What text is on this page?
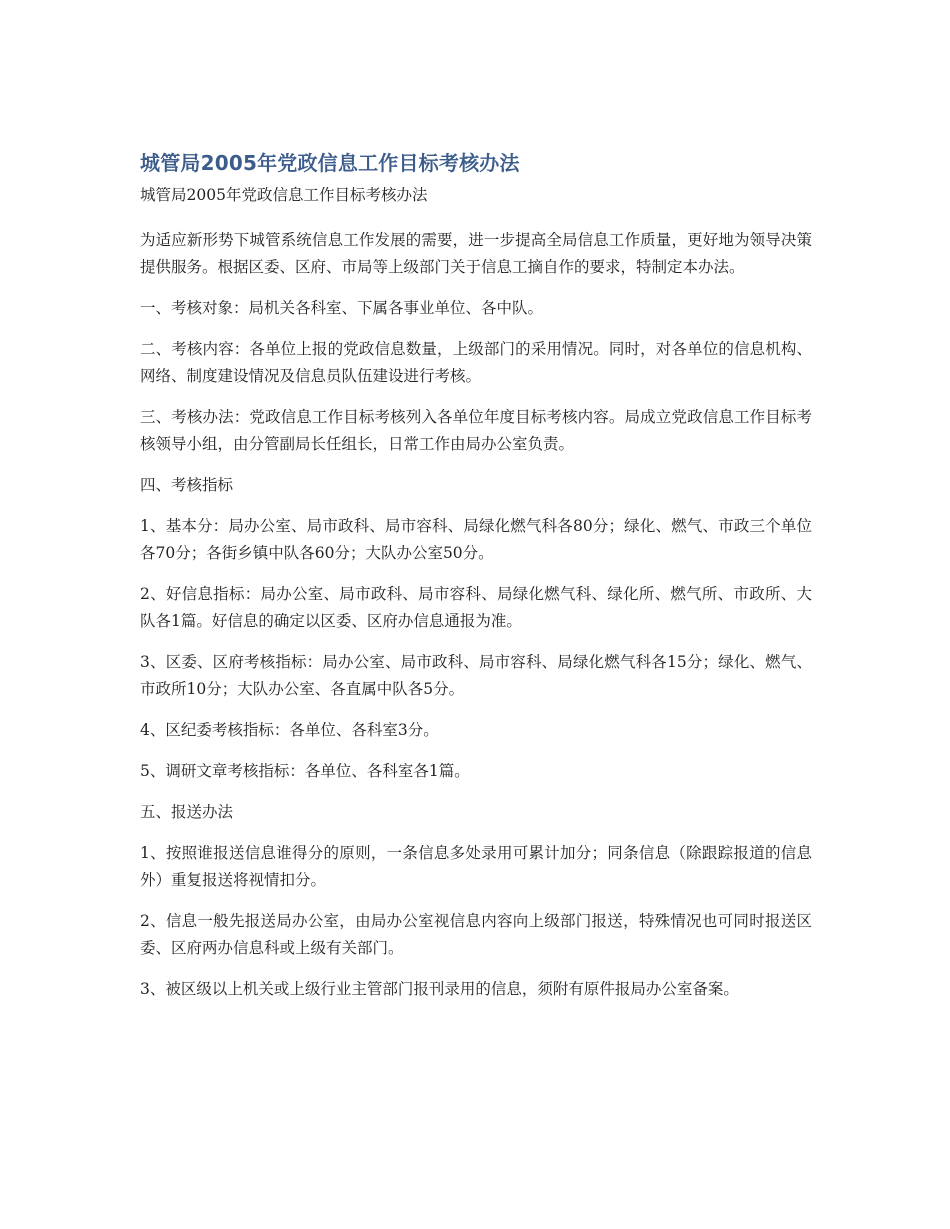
城管局2005年党政信息工作目标考核办法
城管局2005年党政信息工作目标考核办法

为适应新形势下城管系统信息工作发展的需要，进一步提高全局信息工作质量，更好地为领导决策提供服务。根据区委、区府、市局等上级部门关于信息工摘自作的要求，特制定本办法。

一、考核对象：局机关各科室、下属各事业单位、各中队。

二、考核内容：各单位上报的党政信息数量，上级部门的采用情况。同时，对各单位的信息机构、网络、制度建设情况及信息员队伍建设进行考核。

三、考核办法：党政信息工作目标考核列入各单位年度目标考核内容。局成立党政信息工作目标考核领导小组，由分管副局长任组长，日常工作由局办公室负责。

四、考核指标

1、基本分：局办公室、局市政科、局市容科、局绿化燃气科各80分；绿化、燃气、市政三个单位各70分；各街乡镇中队各60分；大队办公室50分。

2、好信息指标：局办公室、局市政科、局市容科、局绿化燃气科、绿化所、燃气所、市政所、大队各1篇。好信息的确定以区委、区府办信息通报为准。

3、区委、区府考核指标：局办公室、局市政科、局市容科、局绿化燃气科各15分；绿化、燃气、市政所10分；大队办公室、各直属中队各5分。

4、区纪委考核指标：各单位、各科室3分。

5、调研文章考核指标：各单位、各科室各1篇。

五、报送办法

1、按照谁报送信息谁得分的原则，一条信息多处录用可累计加分；同条信息（除跟踪报道的信息外）重复报送将视情扣分。

2、信息一般先报送局办公室，由局办公室视信息内容向上级部门报送，特殊情况也可同时报送区委、区府两办信息科或上级有关部门。

3、被区级以上机关或上级行业主管部门报刊录用的信息，须附有原件报局办公室备案。
